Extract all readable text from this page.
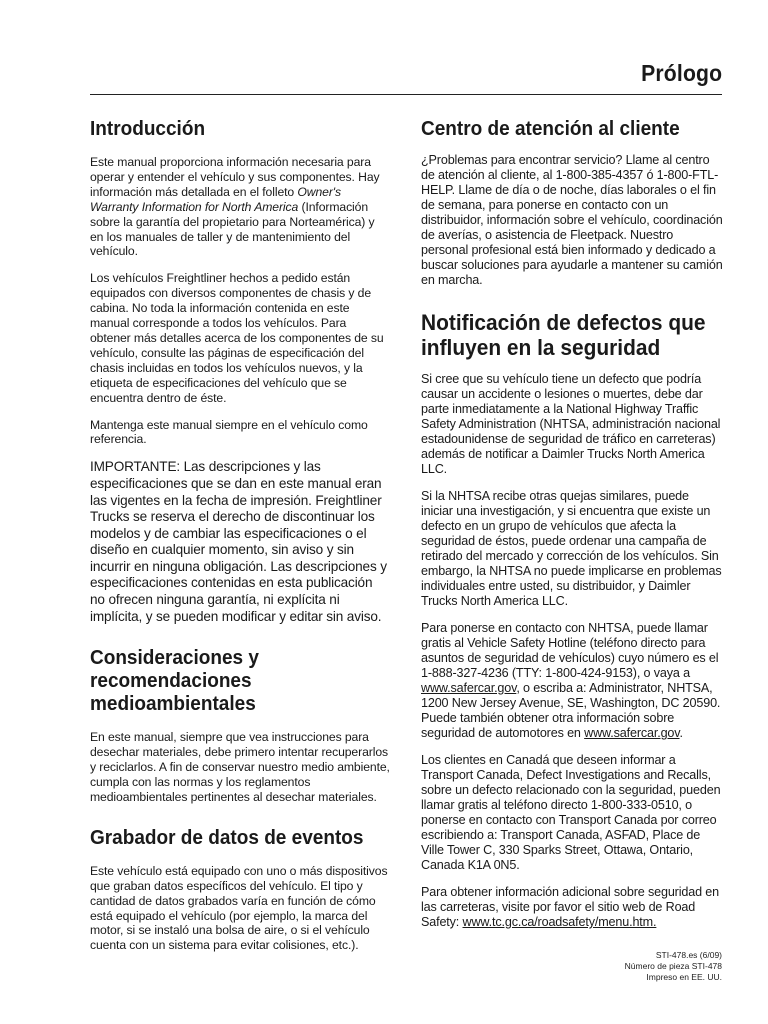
Prólogo
Introducción

Este manual proporciona información necesaria para operar y entender el vehículo y sus componentes. Hay información más detallada en el folleto Owner's Warranty Information for North America (Información sobre la garantía del propietario para Norteamérica) y en los manuales de taller y de mantenimiento del vehículo.

Los vehículos Freightliner hechos a pedido están equipados con diversos componentes de chasis y de cabina. No toda la información contenida en este manual corresponde a todos los vehículos. Para obtener más detalles acerca de los componentes de su vehículo, consulte las páginas de especificación del chasis incluidas en todos los vehículos nuevos, y la etiqueta de especificaciones del vehículo que se encuentra dentro de éste.

Mantenga este manual siempre en el vehículo como referencia.

IMPORTANTE: Las descripciones y las especificaciones que se dan en este manual eran las vigentes en la fecha de impresión. Freightliner Trucks se reserva el derecho de discontinuar los modelos y de cambiar las especificaciones o el diseño en cualquier momento, sin aviso y sin incurrir en ninguna obligación. Las descripciones y especificaciones contenidas en esta publicación no ofrecen ninguna garantía, ni explícita ni implícita, y se pueden modificar y editar sin aviso.

Consideraciones y recomendaciones medioambientales

En este manual, siempre que vea instrucciones para desechar materiales, debe primero intentar recuperarlos y reciclarlos. A fin de conservar nuestro medio ambiente, cumpla con las normas y los reglamentos medioambientales pertinentes al desechar materiales.

Grabador de datos de eventos

Este vehículo está equipado con uno o más dispositivos que graban datos específicos del vehículo. El tipo y cantidad de datos grabados varía en función de cómo está equipado el vehículo (por ejemplo, la marca del motor, si se instaló una bolsa de aire, o si el vehículo cuenta con un sistema para evitar colisiones, etc.).

Centro de atención al cliente

¿Problemas para encontrar servicio? Llame al centro de atención al cliente, al 1-800-385-4357 ó 1-800-FTL-HELP. Llame de día o de noche, días laborales o el fin de semana, para ponerse en contacto con un distribuidor, información sobre el vehículo, coordinación de averías, o asistencia de Fleetpack. Nuestro personal profesional está bien informado y dedicado a buscar soluciones para ayudarle a mantener su camión en marcha.

Notificación de defectos que influyen en la seguridad

Si cree que su vehículo tiene un defecto que podría causar un accidente o lesiones o muertes, debe dar parte inmediatamente a la National Highway Traffic Safety Administration (NHTSA, administración nacional estadounidense de seguridad de tráfico en carreteras) además de notificar a Daimler Trucks North America LLC.

Si la NHTSA recibe otras quejas similares, puede iniciar una investigación, y si encuentra que existe un defecto en un grupo de vehículos que afecta la seguridad de éstos, puede ordenar una campaña de retirado del mercado y corrección de los vehículos. Sin embargo, la NHTSA no puede implicarse en problemas individuales entre usted, su distribuidor, y Daimler Trucks North America LLC.

Para ponerse en contacto con NHTSA, puede llamar gratis al Vehicle Safety Hotline (teléfono directo para asuntos de seguridad de vehículos) cuyo número es el 1-888-327-4236 (TTY: 1-800-424-9153), o vaya a www.safercar.gov, o escriba a: Administrator, NHTSA, 1200 New Jersey Avenue, SE, Washington, DC 20590. Puede también obtener otra información sobre seguridad de automotores en www.safercar.gov.

Los clientes en Canadá que deseen informar a Transport Canada, Defect Investigations and Recalls, sobre un defecto relacionado con la seguridad, pueden llamar gratis al teléfono directo 1-800-333-0510, o ponerse en contacto con Transport Canada por correo escribiendo a: Transport Canada, ASFAD, Place de Ville Tower C, 330 Sparks Street, Ottawa, Ontario, Canada K1A 0N5.

Para obtener información adicional sobre seguridad en las carreteras, visite por favor el sitio web de Road Safety: www.tc.gc.ca/roadsafety/menu.htm.

STI-478.es (6/09)
Número de pieza STI-478
Impreso en EE. UU.
